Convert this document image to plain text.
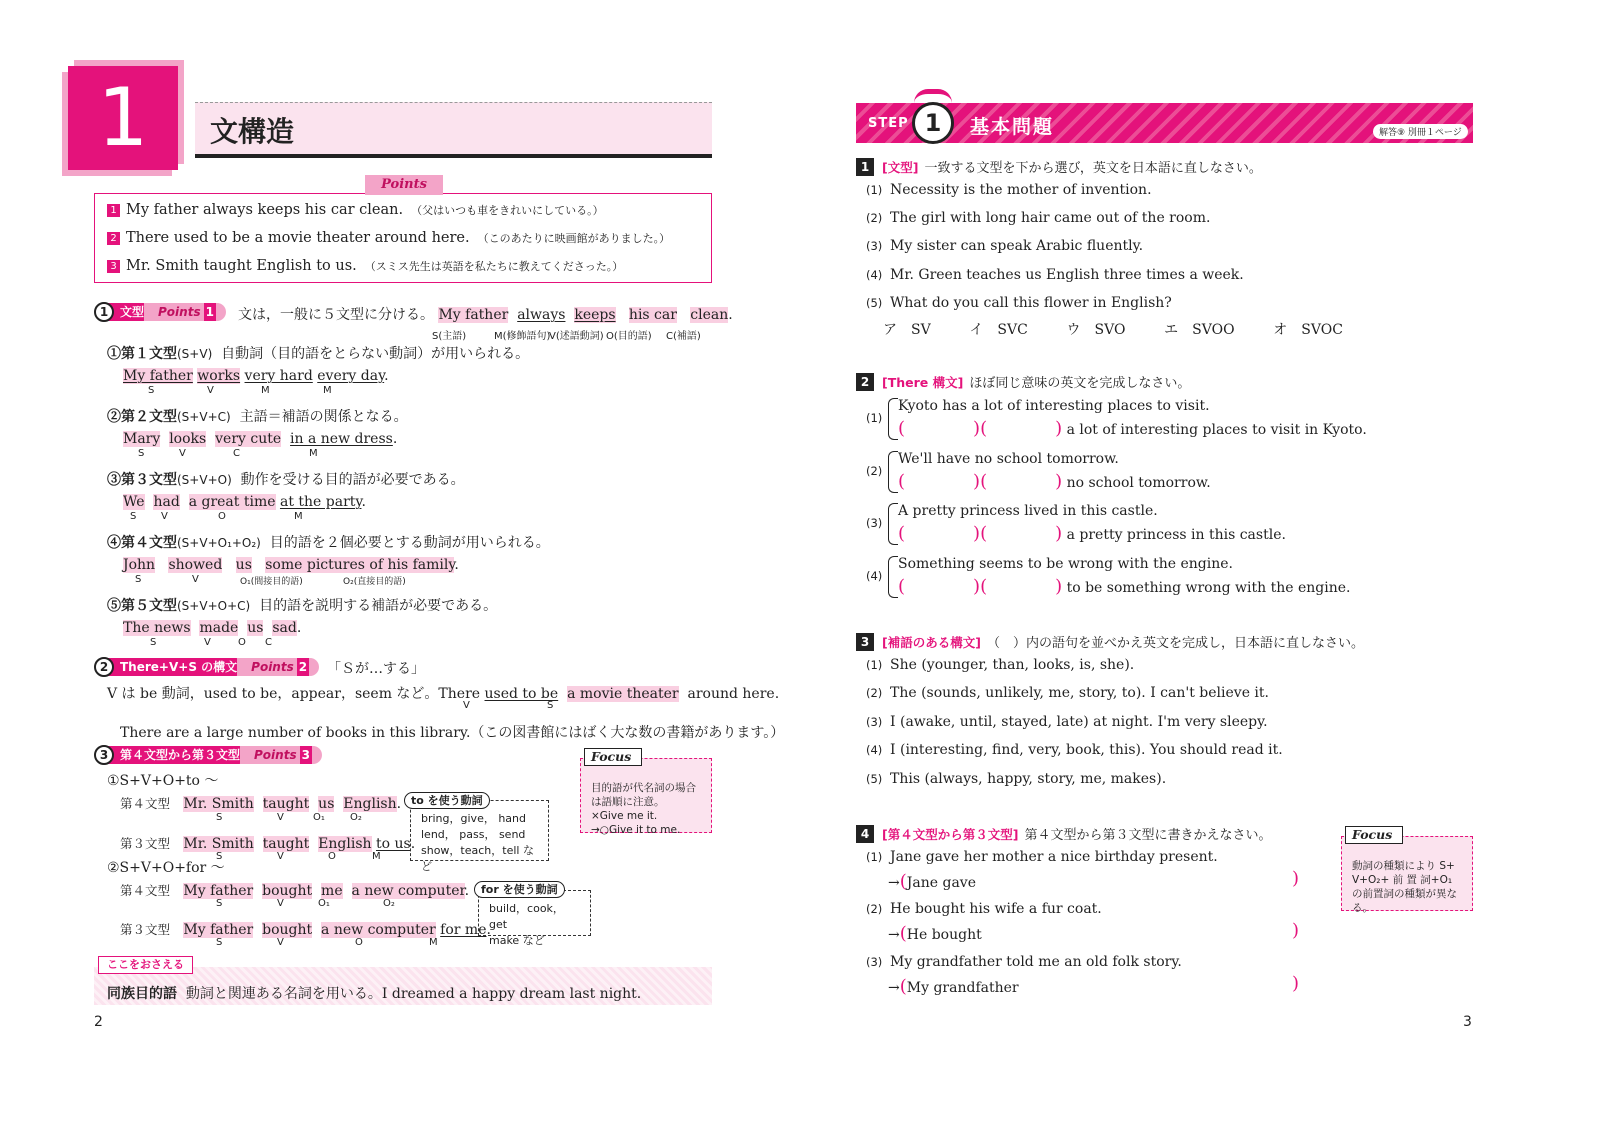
1	文構造
1 My father always keeps his car clean. （父はいつも車をきれいにしている。）
2 There used to be a movie theater around here. （このあたりに映画館がありました。）
3 Mr. Smith taught English to us. （スミス先生は英語を私たちに教えてくださった。）
Points
1 文型	Points 1	文は，一般に５文型に分ける。 My father always keeps his car clean.
S(主語)	M(修飾語句)
V(述語動詞) O(目的語) C(補語)
①第１文型(S+V) 自動詞（目的語をとらない動詞）が用いられる。
My father works very hard every day.
S	V	M	M
②第２文型(S+V+C) 主語＝補語の関係となる。
Mary looks very cute in a new dress.
S	V	C	M
③第３文型(S+V+O) 動作を受ける目的語が必要である。
We had a great time at the party.
S V	O	M
④第４文型(S+V+O₁+O₂) 目的語を２個必要とする動詞が用いられる。
John showed us some pictures of his family.
S	V	O₁(間接目的語)	O₂(直接目的語)
⑤第５文型(S+V+O+C) 目的語を説明する補語が必要である。
The news made us sad.
S	V	O C
2 There+V+S の構文	Points 2	「Ｓが…する」
V は be 動詞，used to be，appear，seem など。There used to be a movie theater around here.
V	S
There are a large number of books in this library.（この図書館にはばく大な数の書籍があります。）
3 第４文型から第３文型	Points 3
①S+V+O+to ～
第４文型 Mr. Smith taught us English.
S	V	O₁	O₂
第３文型 Mr. Smith taught English to us.
S	V	O	M
②S+V+O+for ～
第４文型 My father bought me a new computer.
S	V	O₁	O₂
第３文型 My father bought a new computer for me.
S	V	O	M
bring，give， hand
lend， pass， send
show，teach，tell など
to を使う動詞
build，cook，get
make など
for を使う動詞
目的語が代名詞の場合
は語順に注意。
×Give me it.
→○Give it to me.
Focus
ここをおさえる
同族目的語 動詞と関連ある名詞を用いる。I dreamed a happy dream last night.
2
STEP 1	基本問題	解答⑨ 別冊１ページ
1	[文型] 一致する文型を下から選び，英文を日本語に直しなさい。
(1) Necessity is the mother of invention.
(2) The girl with long hair came out of the room.
(3) My sister can speak Arabic fluently.
(4) Mr. Green teaches us English three times a week.
(5) What do you call this flower in English?
ア　SV	イ　SVC	ウ　SVO	エ　SVOO	オ　SVOC
2	[There 構文] ほぼ同じ意味の英文を完成しなさい。
(1)
Kyoto has a lot of interesting places to visit.
(	)(	) a lot of interesting places to visit in Kyoto.
(2)
We'll have no school tomorrow.
(	)(	) no school tomorrow.
(3)
A pretty princess lived in this castle.
(	)(	) a pretty princess in this castle.
(4)
Something seems to be wrong with the engine.
(	)(	) to be something wrong with the engine.
3	[補語のある構文] （　）内の語句を並べかえ英文を完成し，日本語に直しなさい。
(1) She (younger, than, looks, is, she).
(2) The (sounds, unlikely, me, story, to). I can't believe it.
(3) I (awake, until, stayed, late) at night. I'm very sleepy.
(4) I (interesting, find, very, book, this). You should read it.
(5) This (always, happy, story, me, makes).
4	[第４文型から第３文型] 第４文型から第３文型に書きかえなさい。
(1) Jane gave her mother a nice birthday present.
→(Jane gave	)
(2) He bought his wife a fur coat.
→(He bought	)
(3) My grandfather told me an old folk story.
→(My grandfather	)
動詞の種類により S+
V+O₂+ 前 置 詞+O₁
の前置詞の種類が異な
る。
Focus
3
